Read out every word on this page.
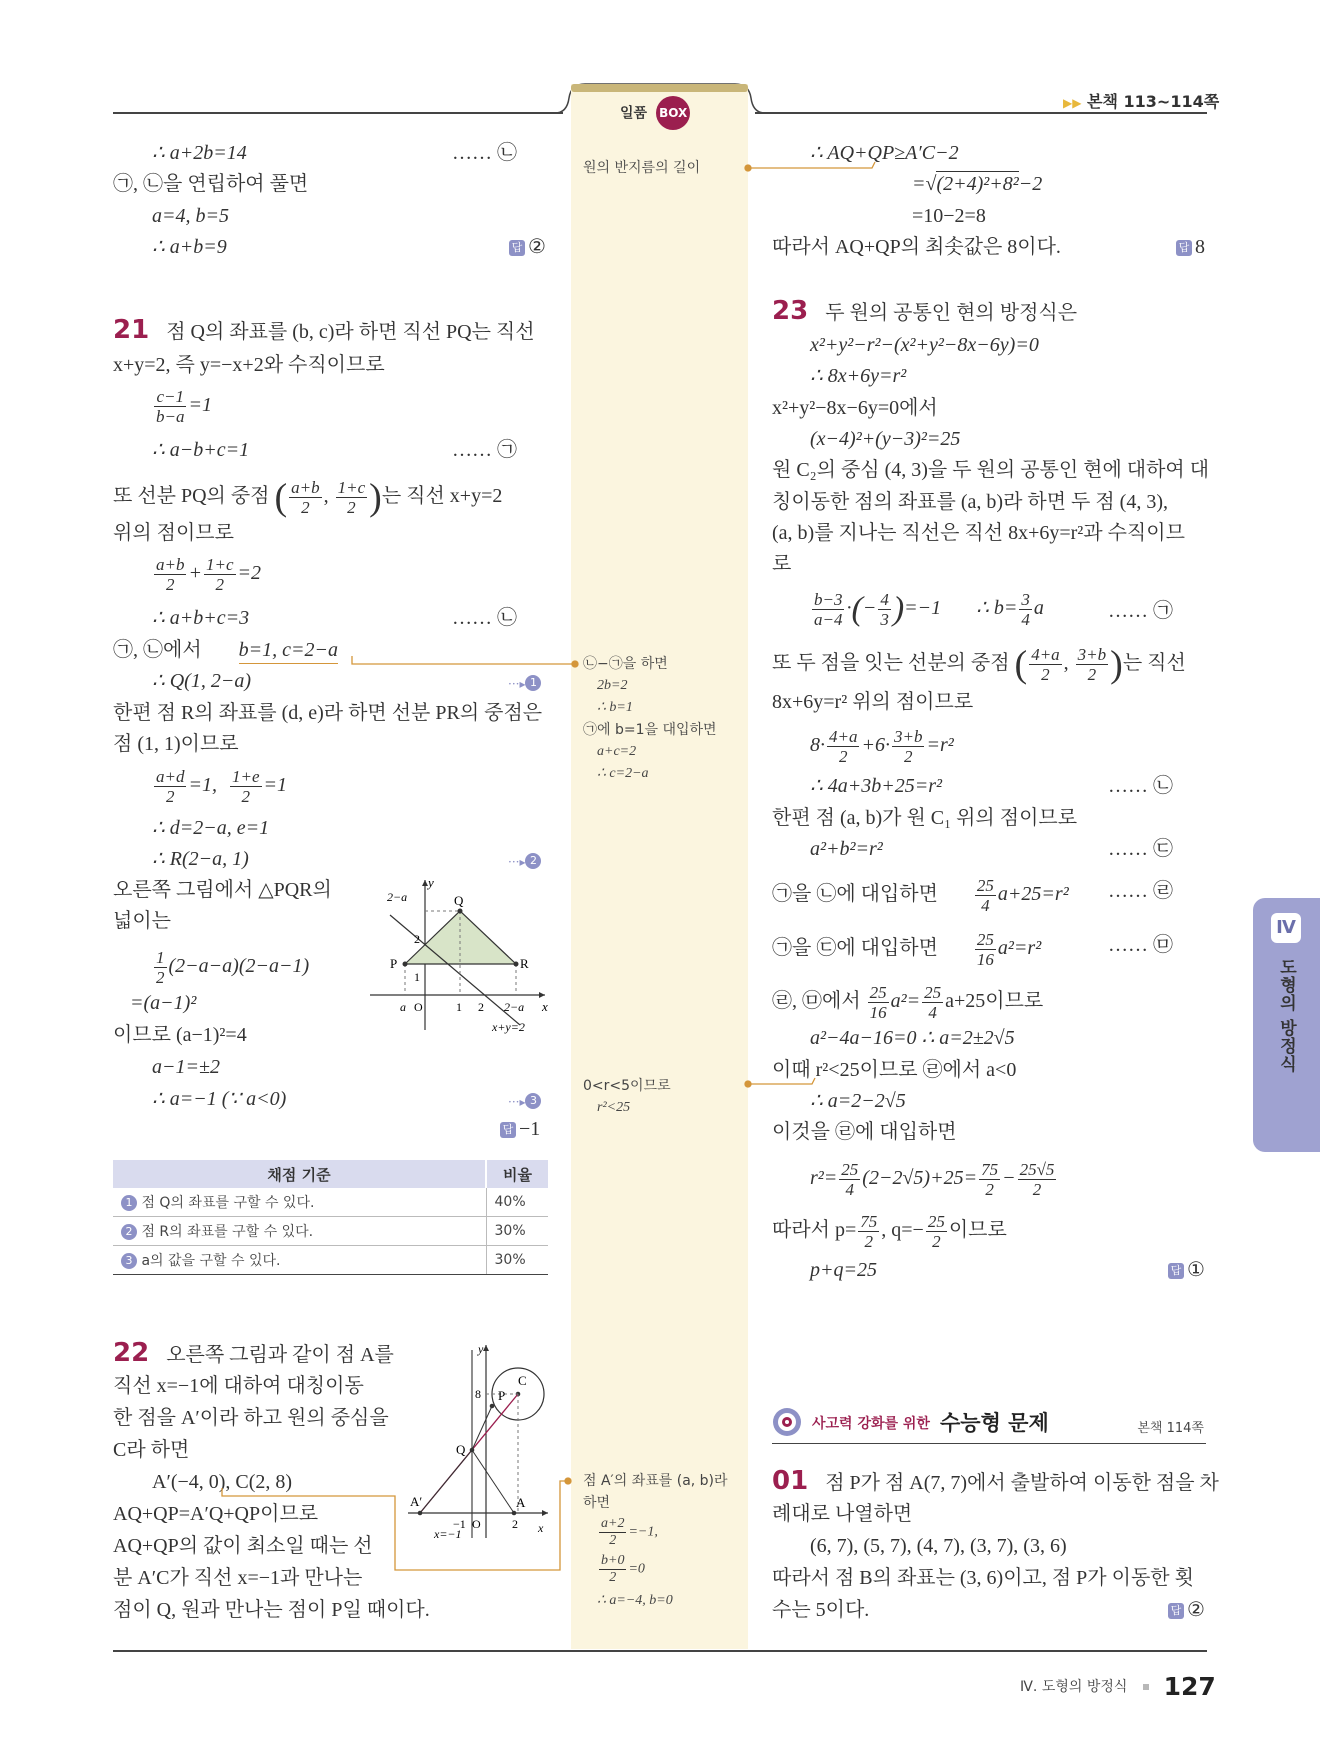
일품 BOX
▶▶ 본책 113~114쪽
∴ a+2b=14	…… ㉡
㉠, ㉡을 연립하여 풀면
a=4, b=5
∴ a+b=9	답 ②
21 점 Q의 좌표를 (b, c)라 하면 직선 PQ는 직선
x+y=2, 즉 y=−x+2와 수직이므로
$\frac{c-1}{b-a} =1$
∴ a−b+c=1	…… ㉠
또 선분 PQ의 중점 ( $\frac{a+b}{2}$ , $\frac{1+c}{2}$ )는 직선 x+y=2
위의 점이므로
$\frac{a+b}{2} + \frac{1+c}{2} =2$
∴ a+b+c=3	…… ㉡
㉠, ㉡에서 b=1, c=2−a
∴ Q(1, 2−a)	···▸ 1
한편 점 R의 좌표를 (d, e)라 하면 선분 PR의 중점은
점 (1, 1)이므로
$\frac{a+d}{2} =1$, $\frac{1+e}{2} =1$
∴ d=2−a, e=1
∴ R(2−a, 1)	···▸ 2
오른쪽 그림에서 △PQR의
넓이는
$\frac{1}{2} (2-a-a)(2-a-1)$
=(a−1)²
이므로 (a−1)²=4
a−1=±2
∴ a=−1 (∵ a<0)	···▸ 3
답 −1
y
x
2−a
2
1
O
a	1 2 2−a
P
Q
R
x+y=2
채점 기준	비율
1 점 Q의 좌표를 구할 수 있다.	40%
2 점 R의 좌표를 구할 수 있다.	30%
3 a의 값을 구할 수 있다.	30%
22 오른쪽 그림과 같이 점 A를
직선 x=−1에 대하여 대칭이동
한 점을 A′이라 하고 원의 중심을
C라 하면
A′(−4, 0), C(2, 8)
AQ+QP=A′Q+QP이므로
AQ+QP의 값이 최소일 때는 선
분 A′C가 직선 x=−1과 만나는
점이 Q, 원과 만나는 점이 P일 때이다.
y
x
P
C
Q
8
A′	A
−1 O	2
x=−1
원의 반지름의 길이
㉡−㉠을 하면
2b=2
∴ b=1
㉠에 b=1을 대입하면
a+c=2
∴ c=2−a
0<r<5이므로
r²<25
점 A′의 좌표를 (a, b)라
하면
$\frac{a+2}{2} =-1$,
$\frac{b+0}{2} =0$
∴ a=−4, b=0
∴ AQ+QP≥A′C−2
=√(2+4)²+8²−2
=10−2=8
따라서 AQ+QP의 최솟값은 8이다.	답 8
23 두 원의 공통인 현의 방정식은
x²+y²−r²−(x²+y²−8x−6y)=0
∴ 8x+6y=r²
x²+y²−8x−6y=0에서
(x−4)²+(y−3)²=25
원 C₂의 중심 (4, 3)을 두 원의 공통인 현에 대하여 대
칭이동한 점의 좌표를 (a, b)라 하면 두 점 (4, 3),
(a, b)를 지나는 직선은 직선 8x+6y=r²과 수직이므
로
$\frac{b-3}{a-4}$ ·(− $\frac{4}{3} )=-1$ ∴ $b= \frac{3}{4}$ a	…… ㉠
또 두 점을 잇는 선분의 중점 ( $\frac{4+a}{2}$ , $\frac{3+b}{2}$ )는 직선
8x+6y=r² 위의 점이므로
$8\cdot \frac{4+a}{2} +6\cdot \frac{3+b}{2} =r^2$
∴ 4a+3b+25=r²	…… ㉡
한편 점 (a, b)가 원 C₁ 위의 점이므로
a²+b²=r²	…… ㉢
㉠을 ㉡에 대입하면 $\frac{25}{4} a+25=r^2$ …… ㉣
㉠을 ㉢에 대입하면 $\frac{25}{16} a^2=r^2$	…… ㉤
㉣, ㉤에서 $\frac{25}{16} a^2= \frac{25}{4} a+25$이므로
a²−4a−16=0 ∴ a=2±2√5
이때 r²<25이므로 ㉣에서 a<0
∴ a=2−2√5
이것을 ㉣에 대입하면
$r^2= \frac{25}{4} (2-2√5)+25= \frac{75}{2} - \frac{25√5}{2}$
따라서 $p= \frac{75}{2}$ , $q=- \frac{25}{2}$ 이므로
p+q=25	답 ①
사고력 강화를 위한 수능형 문제	본책 114쪽
01 점 P가 점 A(7, 7)에서 출발하여 이동한 점을 차
례대로 나열하면
(6, 7), (5, 7), (4, 7), (3, 7), (3, 6)
따라서 점 B의 좌표는 (3, 6)이고, 점 P가 이동한 횟
수는 5이다.	답 ②
Ⅳ
도형의 방정식
Ⅳ. 도형의 방정식 127
